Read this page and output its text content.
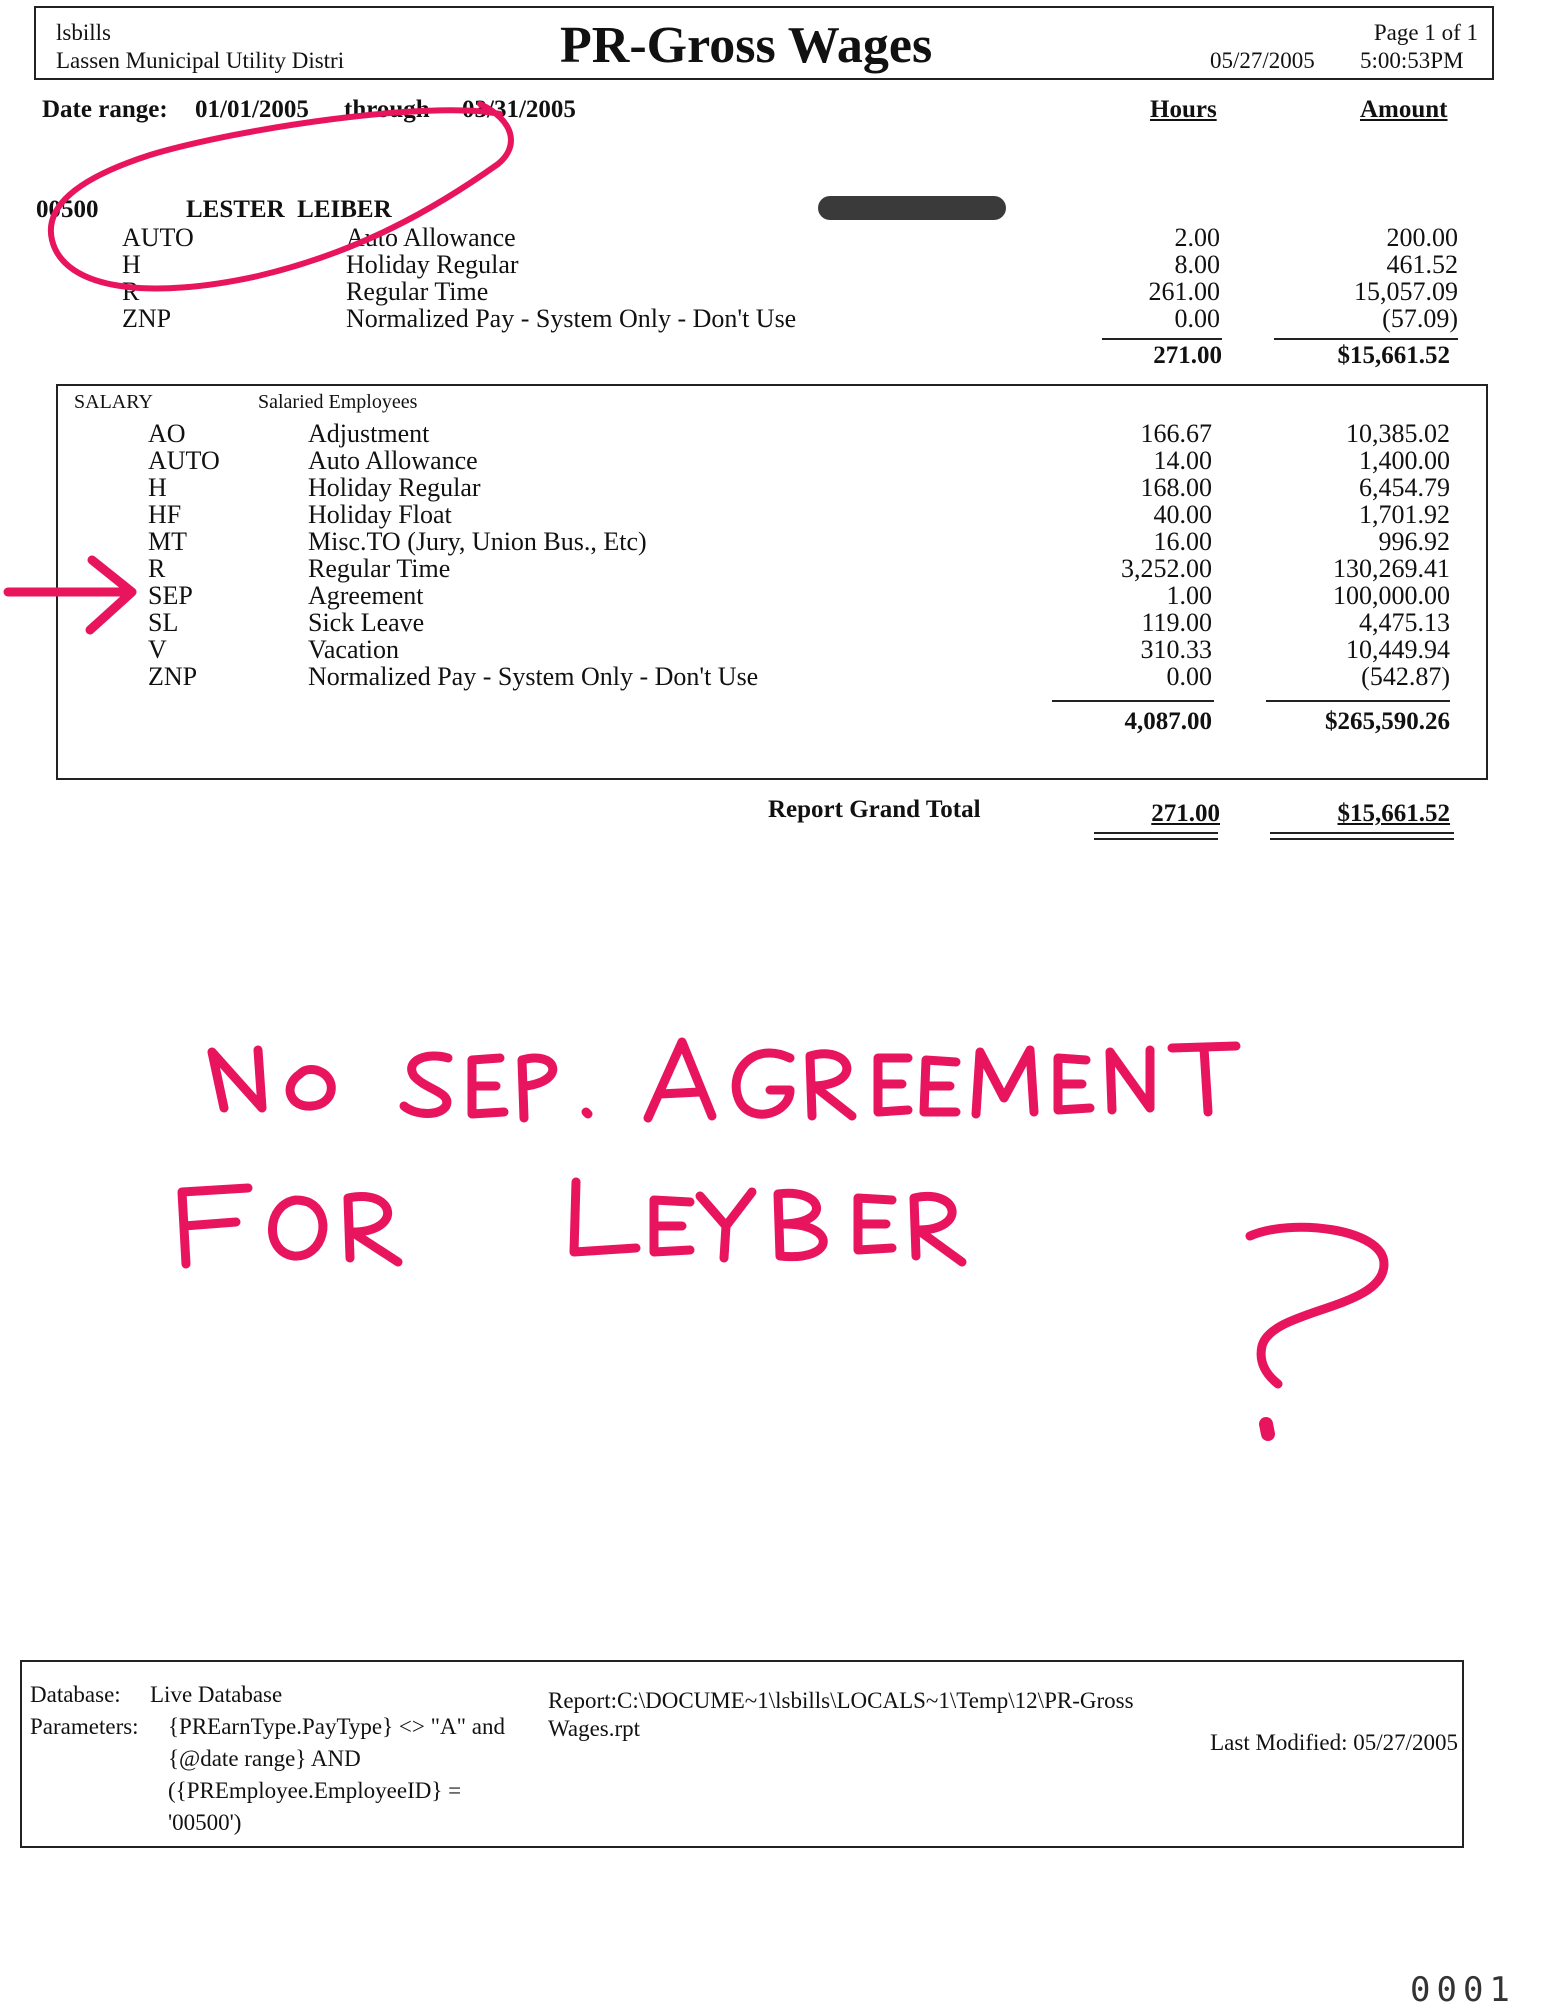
lsbills
Lassen Municipal Utility Distri	PR-Gross Wages	Page 1 of 1
05/27/2005 5:00:53PM
Date range: 01/01/2005 through 03/31/2005	Hours	Amount
00500	LESTER  LEIBER
AUTO	Auto Allowance	2.00	200.00
H	Holiday Regular	8.00	461.52
R	Regular Time	261.00	15,057.09
ZNP	Normalized Pay - System Only - Don't Use	0.00	(57.09)
271.00	$15,661.52
SALARY	Salaried Employees
AO	Adjustment	166.67	10,385.02
AUTO	Auto Allowance	14.00	1,400.00
H	Holiday Regular	168.00	6,454.79
HF	Holiday Float	40.00	1,701.92
MT	Misc.TO (Jury, Union Bus., Etc)	16.00	996.92
R	Regular Time	3,252.00	130,269.41
SEP	Agreement	1.00	100,000.00
SL	Sick Leave	119.00	4,475.13
V	Vacation	310.33	10,449.94
ZNP	Normalized Pay - System Only - Don't Use	0.00	(542.87)
4,087.00	$265,590.26
Report Grand Total	271.00	$15,661.52
Database: Live Database
Parameters: {PREarnType.PayType} <> "A" and
{@date range} AND
({PREmployee.EmployeeID} =
'00500')
Report:C:\DOCUME~1\lsbills\LOCALS~1\Temp\12\PR-Gross
Wages.rpt
Last Modified: 05/27/2005
0001
